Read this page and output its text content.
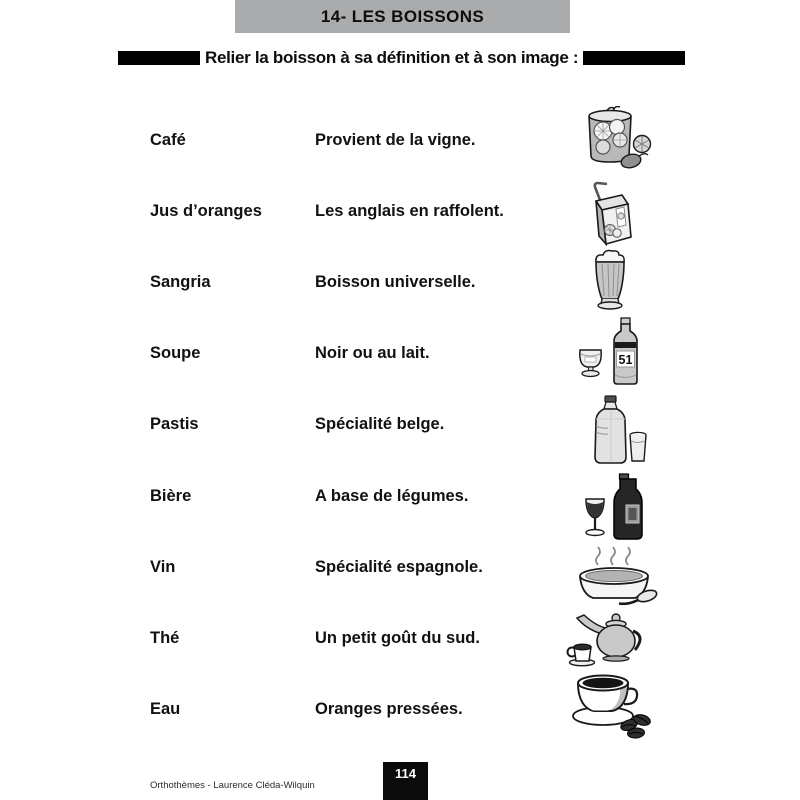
14- LES BOISSONS
Relier la boisson à sa définition et à son image :
Café	Provient de la vigne.
Jus d’oranges	Les anglais en raffolent.
Sangria	Boisson universelle.
Soupe	Noir ou au lait.
Pastis	Spécialité belge.
Bière	A base de légumes.
Vin	Spécialité espagnole.
Thé	Un petit goût du sud.
Eau	Oranges pressées.
51
Orthothèmes - Laurence Cléda-Wilquin
114
